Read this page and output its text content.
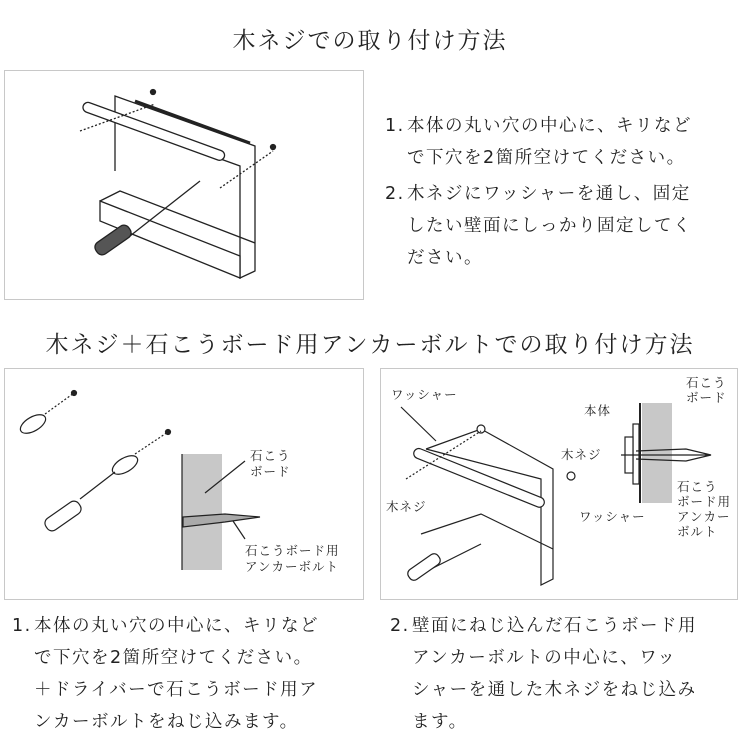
木ネジでの取り付け方法
1. 本体の丸い穴の中心に、キリなど
で下穴を2箇所空けてください。
2. 木ネジにワッシャーを通し、固定
したい壁面にしっかり固定してく
ださい。
木ネジ＋石こうボード用アンカーボルトでの取り付け方法
石こう
ボード
石こうボード用
アンカーボルト
ワッシャー
木ネジ
本体
木ネジ
ワッシャー
石こう
ボード
石こう
ボード用
アンカー
ボルト
1. 本体の丸い穴の中心に、キリなど
で下穴を2箇所空けてください。
＋ドライバーで石こうボード用ア
ンカーボルトをねじ込みます。
2. 壁面にねじ込んだ石こうボード用
アンカーボルトの中心に、ワッ
シャーを通した木ネジをねじ込み
ます。
